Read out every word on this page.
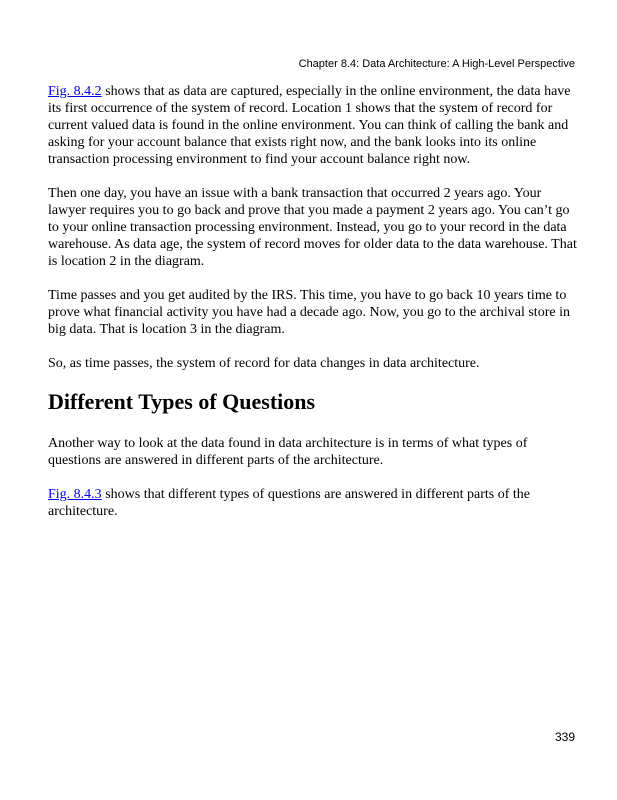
Chapter 8.4: Data Architecture: A High-Level Perspective

Fig. 8.4.2 shows that as data are captured, especially in the online environment, the data have its first occurrence of the system of record. Location 1 shows that the system of record for current valued data is found in the online environment. You can think of calling the bank and asking for your account balance that exists right now, and the bank looks into its online transaction processing environment to find your account balance right now.

Then one day, you have an issue with a bank transaction that occurred 2 years ago. Your lawyer requires you to go back and prove that you made a payment 2 years ago. You can’t go to your online transaction processing environment. Instead, you go to your record in the data warehouse. As data age, the system of record moves for older data to the data warehouse. That is location 2 in the diagram.

Time passes and you get audited by the IRS. This time, you have to go back 10 years time to prove what financial activity you have had a decade ago. Now, you go to the archival store in big data. That is location 3 in the diagram.

So, as time passes, the system of record for data changes in data architecture.

Different Types of Questions

Another way to look at the data found in data architecture is in terms of what types of questions are answered in different parts of the architecture.

Fig. 8.4.3 shows that different types of questions are answered in different parts of the architecture.

339
